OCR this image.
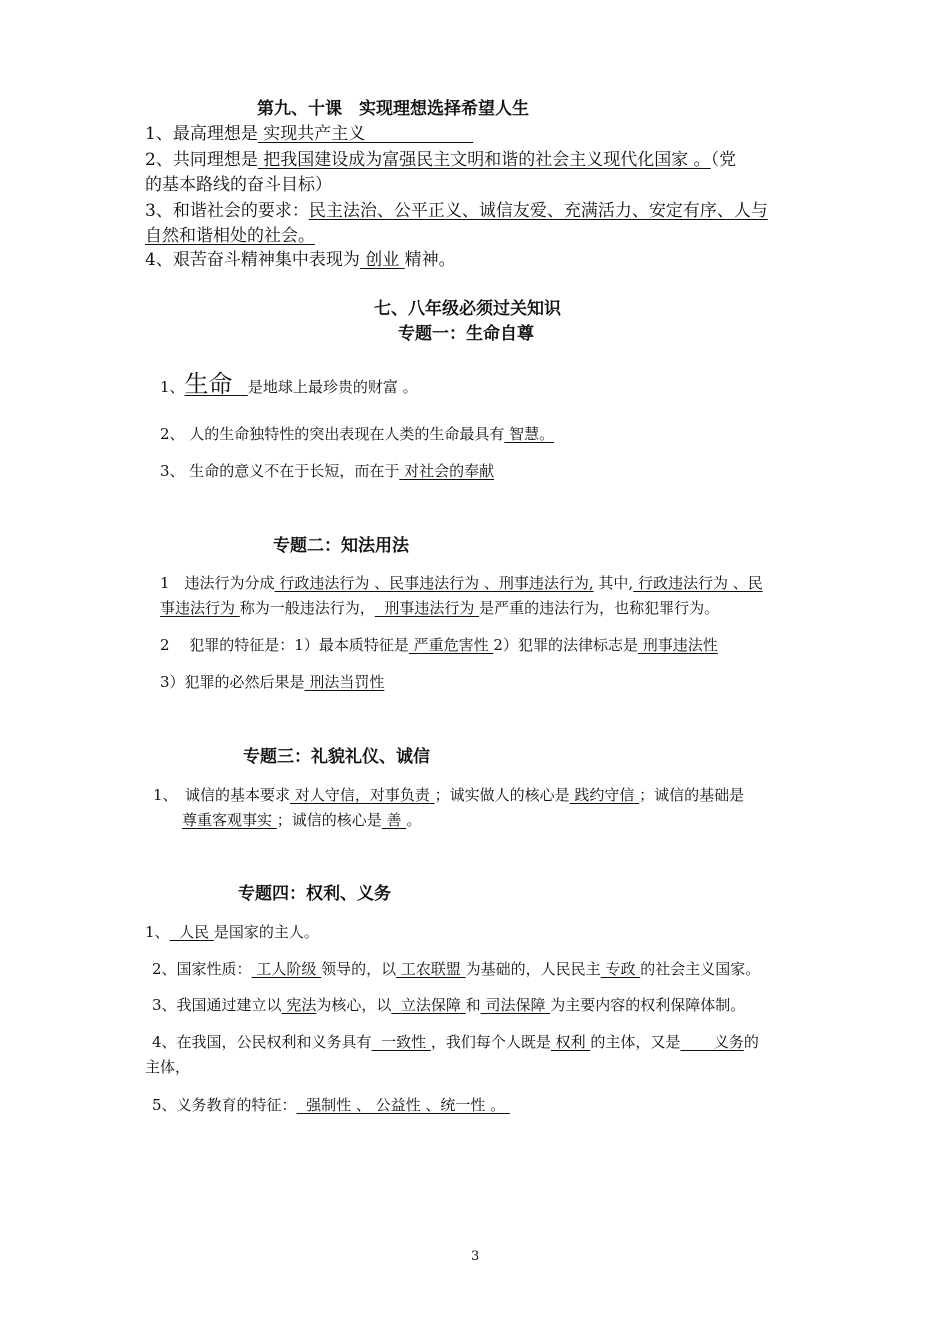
第九、十课　实现理想选择希望人生
1、最高理想是 实现共产主义
2、共同理想是 把我国建设成为富强民主文明和谐的社会主义现代化国家 。（党
的基本路线的奋斗目标）
3、和谐社会的要求：民主法治、公平正义、诚信友爱、充满活力、安定有序、人与
自然和谐相处的社会。
4、艰苦奋斗精神集中表现为 创业 精神。
七、八年级必须过关知识
专题一：生命自尊
1、生命  是地球上最珍贵的财富 。
2、 人的生命独特性的突出表现在人类的生命最具有 智慧。
3、 生命的意义不在于长短，而在于 对社会的奉献
专题二：知法用法
1　违法行为分成 行政违法行为 、民事违法行为 、刑事违法行为, 其中, 行政违法行为 、民
事违法行为 称为一般违法行为，  刑事违法行为 是严重的违法行为，也称犯罪行为。
2　 犯罪的特征是：1）最本质特征是 严重危害性 2）犯罪的法律标志是 刑事违法性
3）犯罪的必然后果是 刑法当罚性
专题三：礼貌礼仪、诚信
1、　诚信的基本要求 对人守信，对事负责 ；诚实做人的核心是 践约守信 ；诚信的基础是
尊重客观事实 ；诚信的核心是 善 。
专题四：权利、义务
1、  人民 是国家的主人。
2、国家性质： 工人阶级 领导的，以 工农联盟 为基础的，人民民主 专政 的社会主义国家。
3、我国通过建立以 宪法为核心，以  立法保障 和 司法保障 为主要内容的权利保障体制。
4、在我国，公民权利和义务具有  一致性 ，我们每个人既是 权利 的主体，又是       义务的
主体，
5、义务教育的特征：  强制性 、 公益性 、统一性 。
3
